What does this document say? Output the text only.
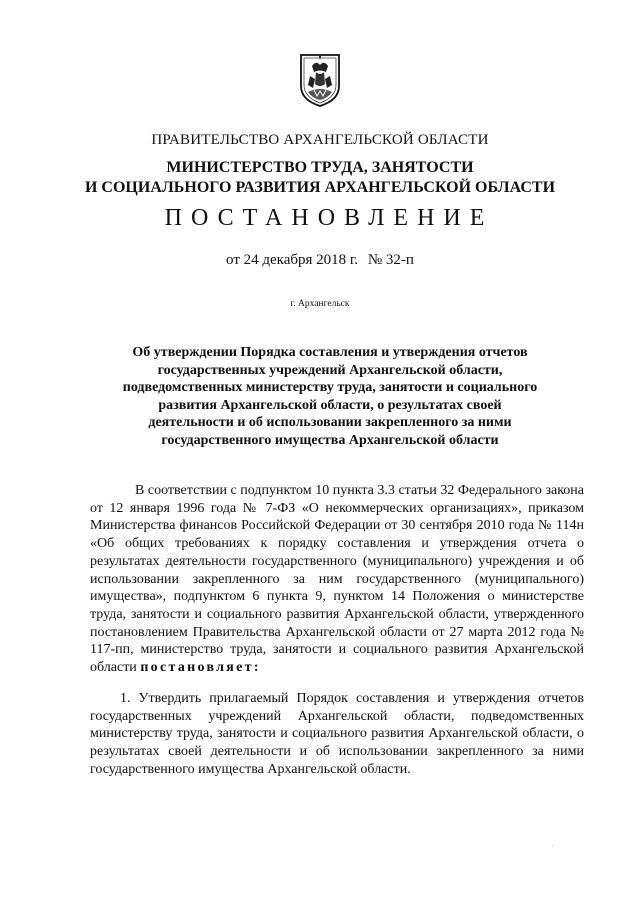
ПРАВИТЕЛЬСТВО АРХАНГЕЛЬСКОЙ ОБЛАСТИ
МИНИСТЕРСТВО ТРУДА, ЗАНЯТОСТИ
И СОЦИАЛЬНОГО РАЗВИТИЯ АРХАНГЕЛЬСКОЙ ОБЛАСТИ
ПОСТАНОВЛЕНИЕ
от 24 декабря 2018 г. № 32-п
г. Архангельск
Об утверждении Порядка составления и утверждения отчетов
государственных учреждений Архангельской области,
подведомственных министерству труда, занятости и социального
развития Архангельской области, о результатах своей
деятельности и об использовании закрепленного за ними
государственного имущества Архангельской области
В соответствии с подпунктом 10 пункта 3.3 статьи 32 Федерального закона от 12 января 1996 года № 7-ФЗ «О некоммерческих организациях», приказом Министерства финансов Российской Федерации от 30 сентября 2010 года № 114н «Об общих требованиях к порядку составления и утверждения отчета о результатах деятельности государственного (муниципального) учреждения и об использовании закрепленного за ним государственного (муниципального) имущества», подпунктом 6 пункта 9, пунктом 14 Положения о министерстве труда, занятости и социального развития Архангельской области, утвержденного постановлением Правительства Архангельской области от 27 марта 2012 года № 117-пп, министерство труда, занятости и социального развития Архангельской области постановляет:
1. Утвердить прилагаемый Порядок составления и утверждения отчетов государственных учреждений Архангельской области, подведомственных министерству труда, занятости и социального развития Архангельской области, о результатах своей деятельности и об использовании закрепленного за ними государственного имущества Архангельской области.
.
